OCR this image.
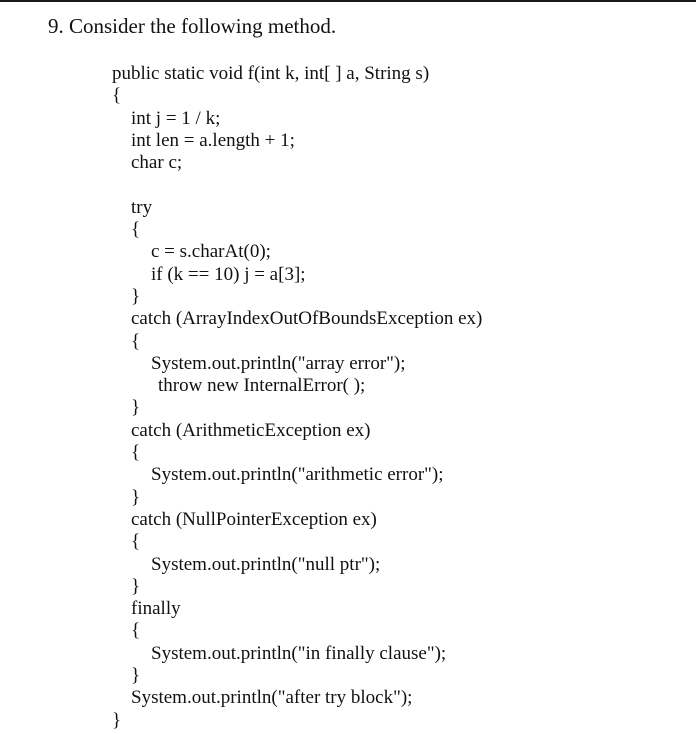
9. Consider the following method.
public static void f(int k, int[ ] a, String s)
{
int j = 1 / k;
int len = a.length + 1;
char c;
try
{
c = s.charAt(0);
if (k == 10) j = a[3];
}
catch (ArrayIndexOutOfBoundsException ex)
{
System.out.println("array error");
throw new InternalError( );
}
catch (ArithmeticException ex)
{
System.out.println("arithmetic error");
}
catch (NullPointerException ex)
{
System.out.println("null ptr");
}
finally
{
System.out.println("in finally clause");
}
System.out.println("after try block");
}
